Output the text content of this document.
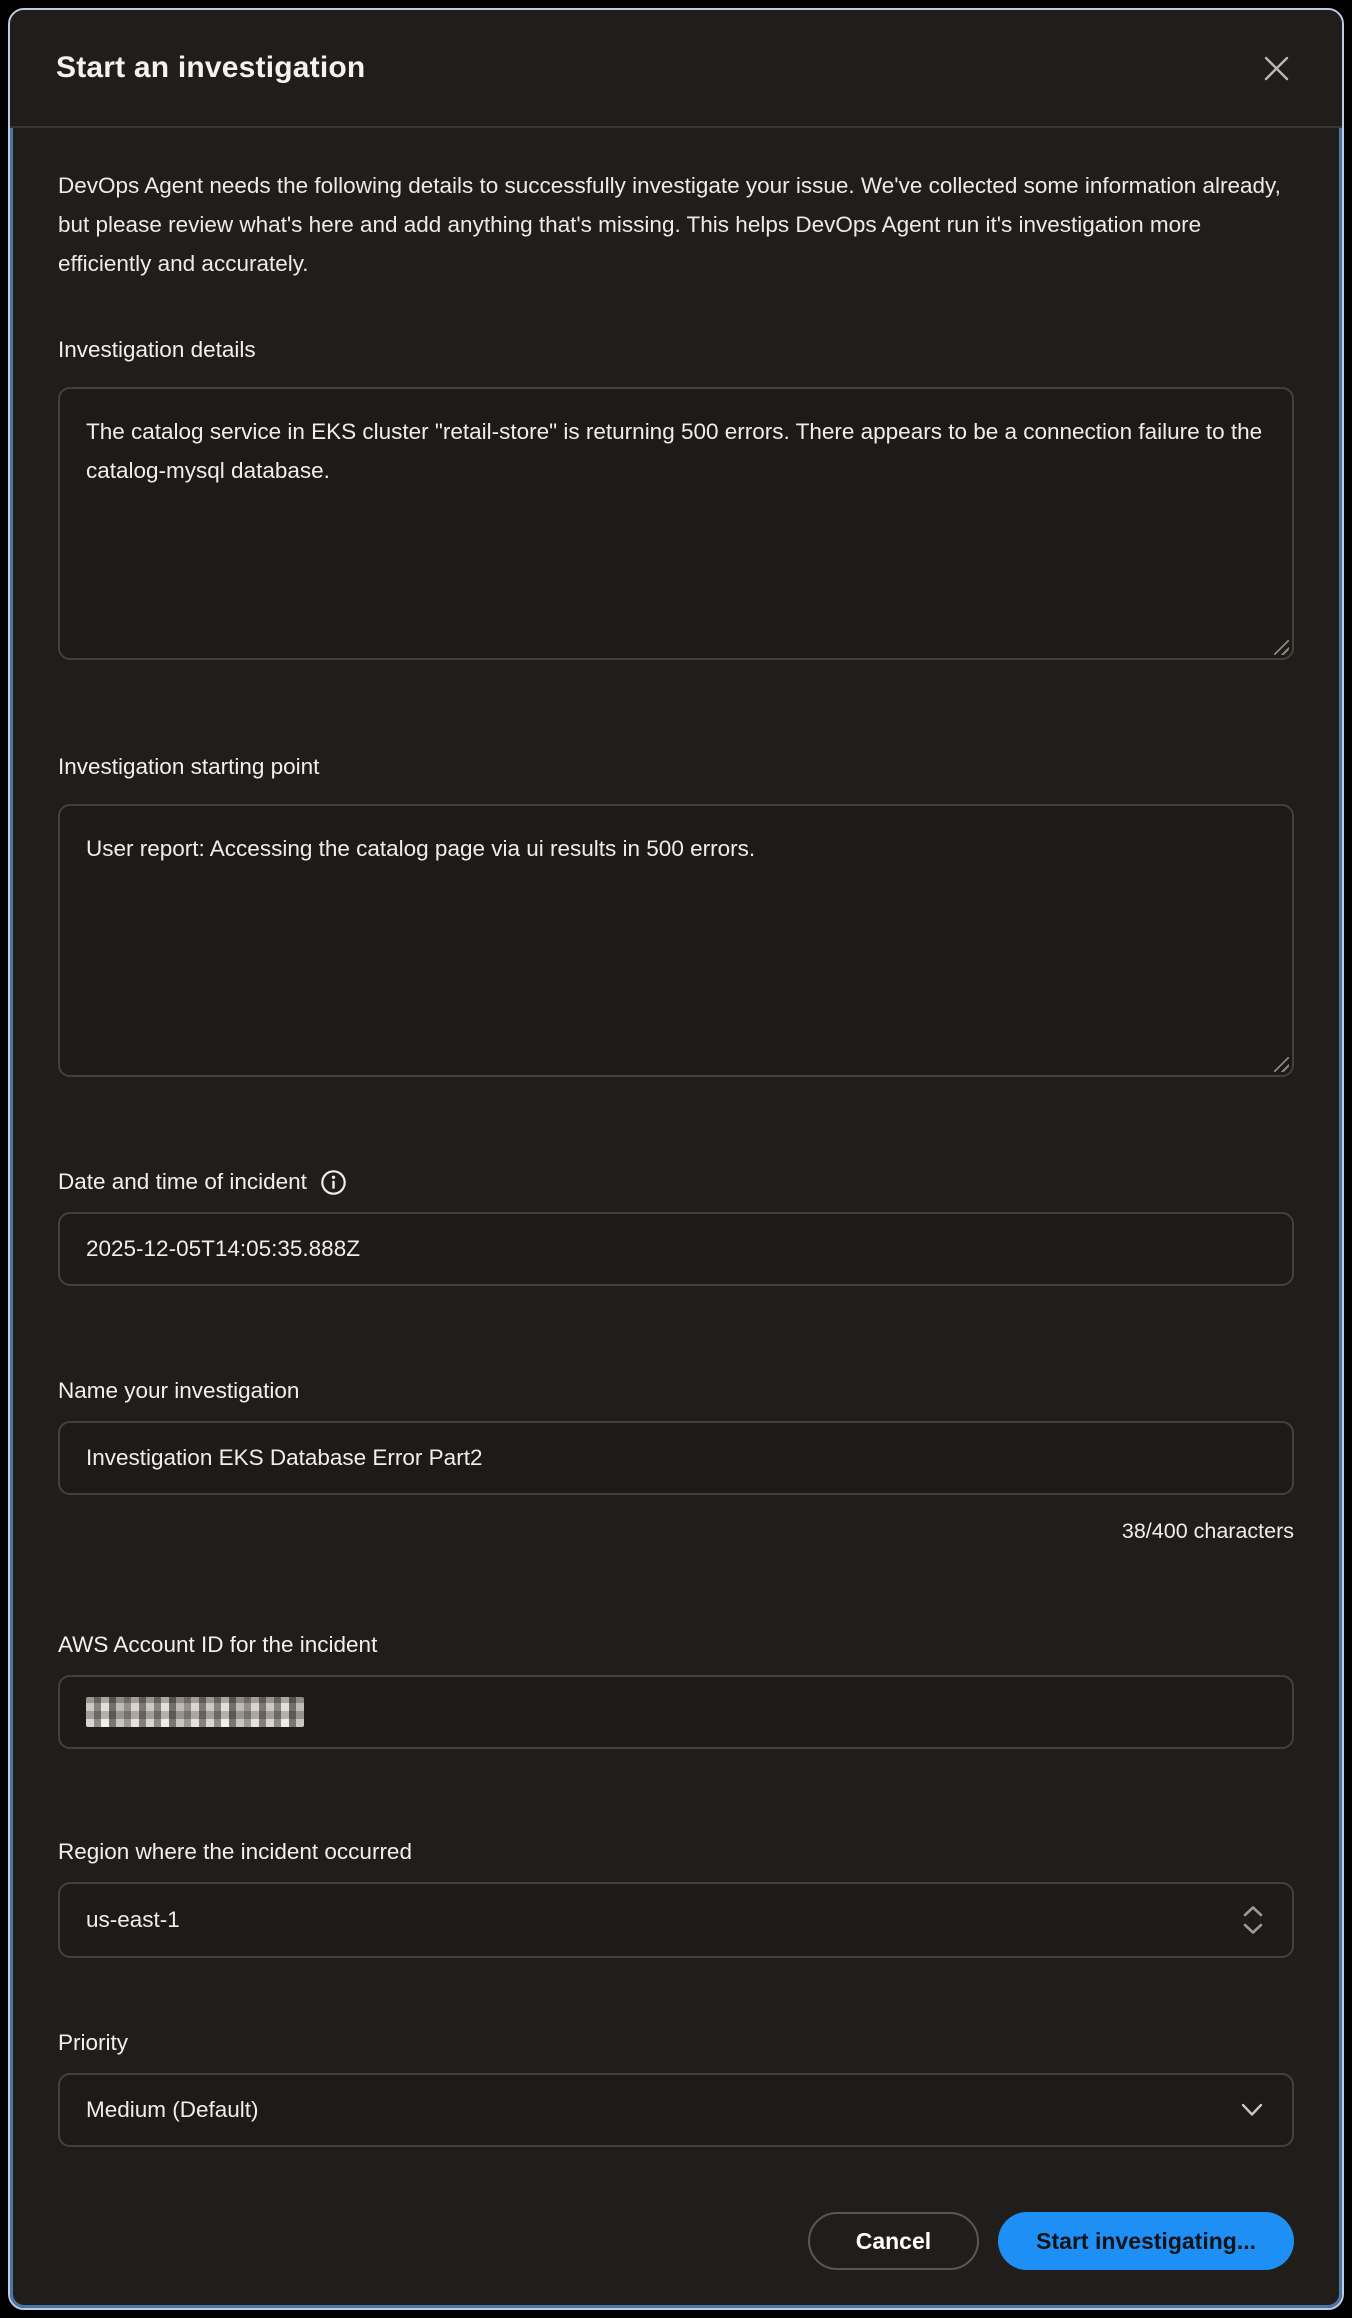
Start an investigation

DevOps Agent needs the following details to successfully investigate your issue. We've collected some information already, but please review what's here and add anything that's missing. This helps DevOps Agent run it's investigation more efficiently and accurately.

Investigation details
The catalog service in EKS cluster "retail-store" is returning 500 errors. There appears to be a connection failure to the catalog-mysql database.
Investigation starting point
User report: Accessing the catalog page via ui results in 500 errors.
Date and time of incident
2025-12-05T14:05:35.888Z
Name your investigation
Investigation EKS Database Error Part2
38/400 characters
AWS Account ID for the incident
Region where the incident occurred
us-east-1
Priority
Medium (Default)
Cancel	Start investigating...
